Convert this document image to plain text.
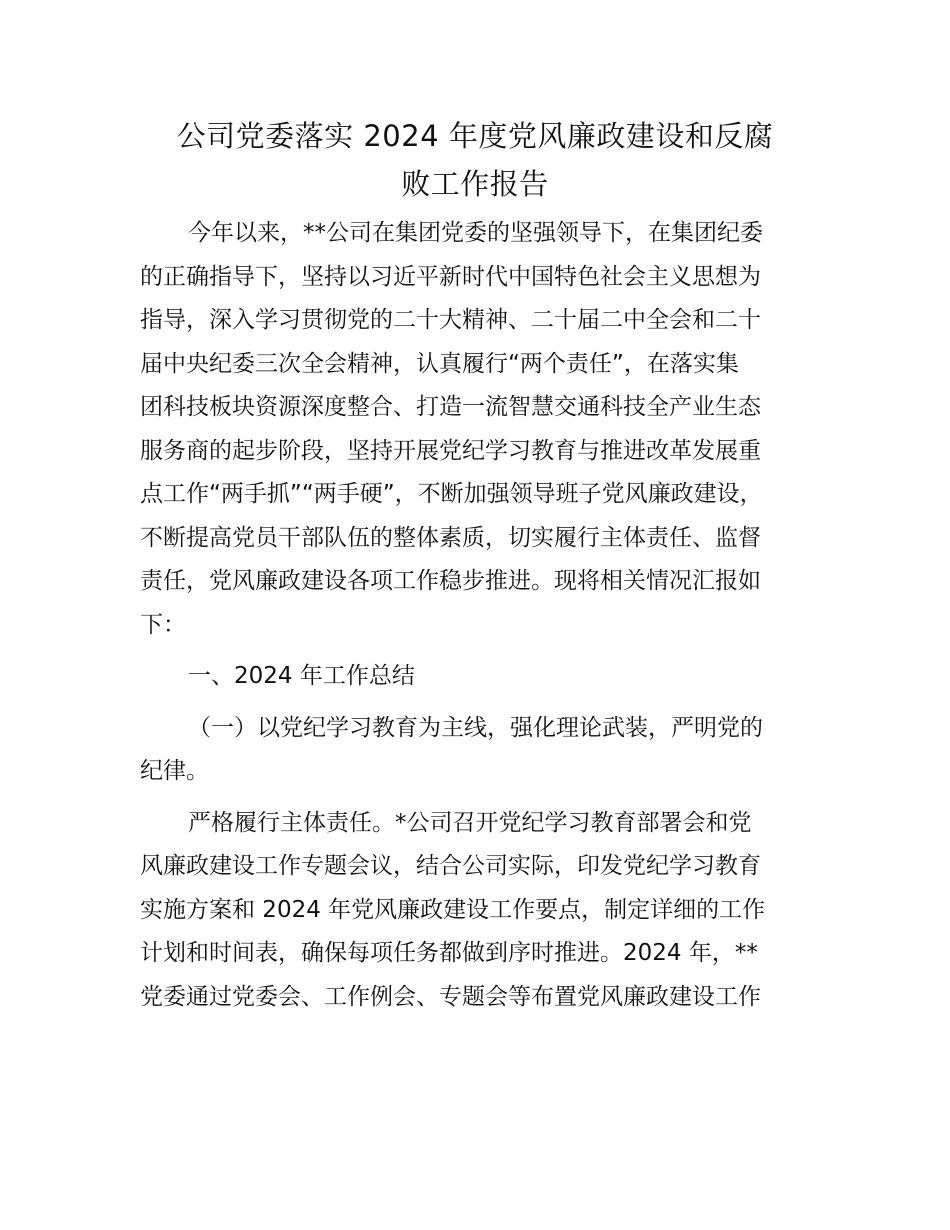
公司党委落实 2024 年度党风廉政建设和反腐
败工作报告

今年以来，**公司在集团党委的坚强领导下，在集团纪委
的正确指导下，坚持以习近平新时代中国特色社会主义思想为
指导，深入学习贯彻党的二十大精神、二十届二中全会和二十
届中央纪委三次全会精神，认真履行“两个责任”，在落实集
团科技板块资源深度整合、打造一流智慧交通科技全产业生态
服务商的起步阶段，坚持开展党纪学习教育与推进改革发展重
点工作“两手抓”“两手硬”，不断加强领导班子党风廉政建设，
不断提高党员干部队伍的整体素质，切实履行主体责任、监督
责任，党风廉政建设各项工作稳步推进。现将相关情况汇报如
下：

一、2024 年工作总结

（一）以党纪学习教育为主线，强化理论武装，严明党的
纪律。

严格履行主体责任。*公司召开党纪学习教育部署会和党
风廉政建设工作专题会议，结合公司实际，印发党纪学习教育
实施方案和 2024 年党风廉政建设工作要点，制定详细的工作
计划和时间表，确保每项任务都做到序时推进。2024 年，**
党委通过党委会、工作例会、专题会等布置党风廉政建设工作
